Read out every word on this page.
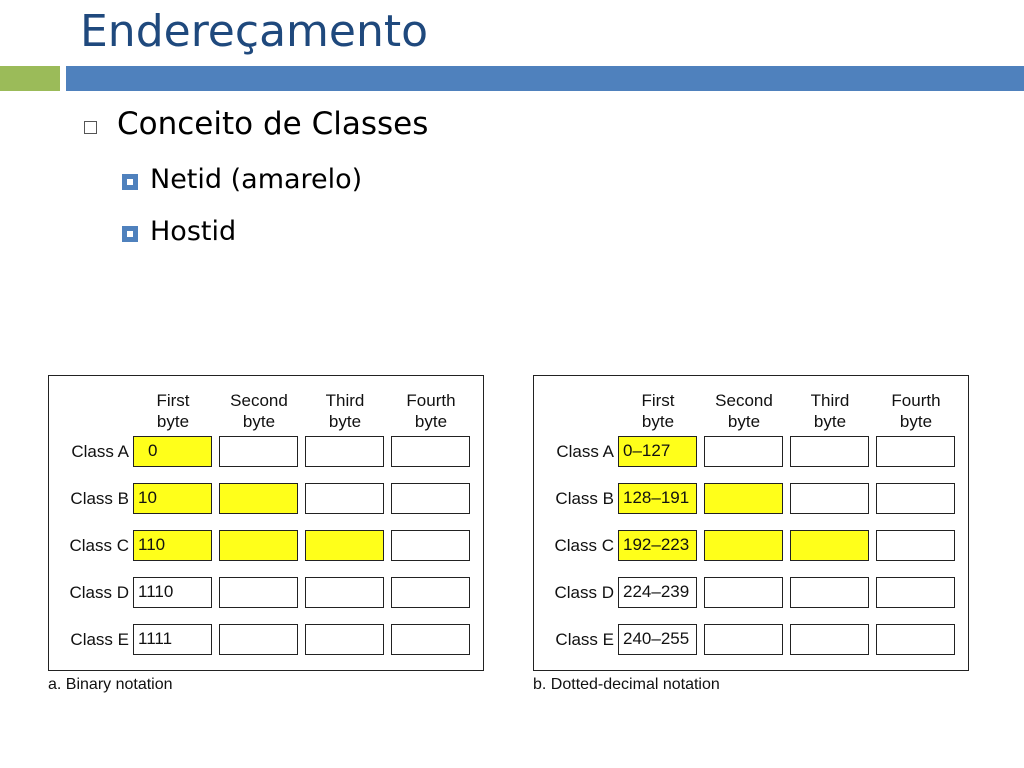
Endereçamento
Conceito de Classes
Netid (amarelo)
Hostid
First
byte
Second
byte
Third
byte
Fourth
byte
Class A	0
Class B 10
Class C 110
Class D 1110
Class E 1111
a. Binary notation
First
byte
Second
byte
Third
byte
Fourth
byte
Class A 0–127
Class B 128–191
Class C 192–223
Class D 224–239
Class E 240–255
b. Dotted-decimal notation
